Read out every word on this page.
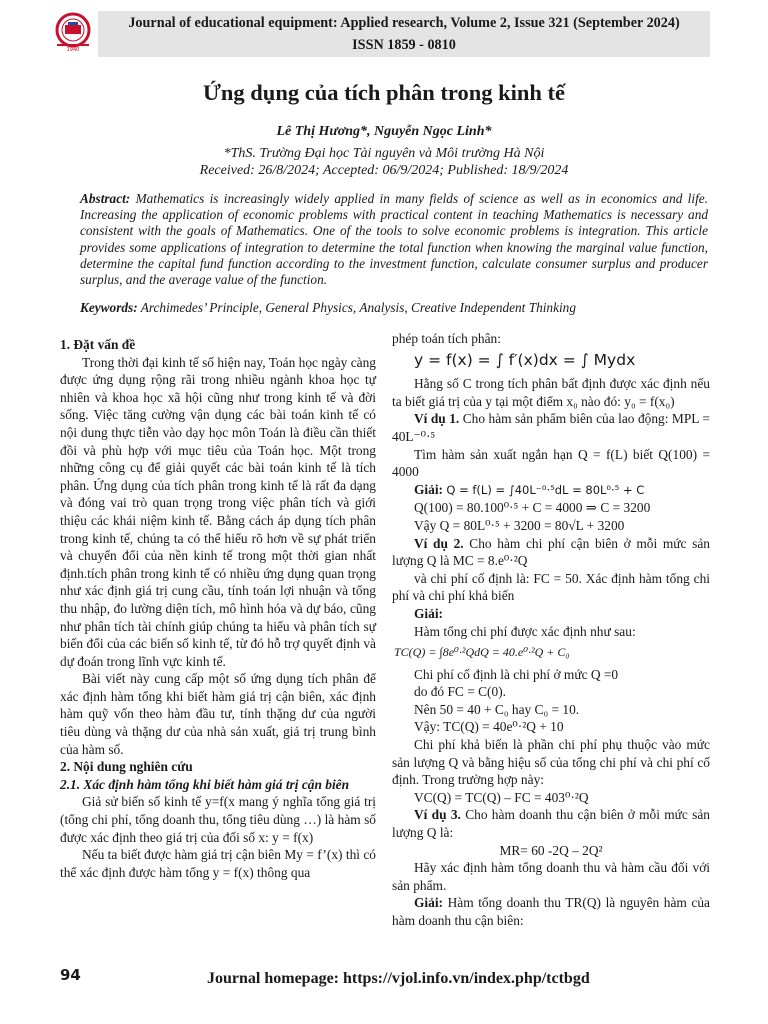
Journal of educational equipment: Applied research, Volume 2, Issue 321 (September 2024)
ISSN 1859 - 0810
1940
Ứng dụng của tích phân trong kinh tế
Lê Thị Hương*, Nguyễn Ngọc Linh*
*ThS. Trường Đại học Tài nguyên và Môi trường Hà Nội
Received: 26/8/2024; Accepted: 06/9/2024; Published: 18/9/2024
Abstract: Mathematics is increasingly widely applied in many fields of science as well as in economics and life. Increasing the application of economic problems with practical content in teaching Mathematics is necessary and consistent with the goals of Mathematics. One of the tools to solve economic problems is integration. This article provides some applications of integration to determine the total function when knowing the marginal value function, determine the capital fund function according to the investment function, calculate consumer surplus and producer surplus, and the average value of the function.
Keywords: Archimedes’ Principle, General Physics, Analysis, Creative Independent Thinking

1. Đặt vấn đề

Trong thời đại kinh tế số hiện nay, Toán học ngày càng được ứng dụng rộng rãi trong nhiều ngành khoa học tự nhiên và khoa học xã hội cũng như trong kinh tế và đời sống. Việc tăng cường vận dụng các bài toán kinh tế có nội dung thực tiễn vào dạy học môn Toán là điều cần thiết đồi và phù hợp với mục tiêu của Toán học. Một trong những công cụ để giải quyết các bài toán kinh tế là tích phân. Ứng dụng của tích phân trong kinh tế là rất đa dạng và đóng vai trò quan trọng trong việc phân tích và giới thiệu các khái niệm kinh tế. Bằng cách áp dụng tích phân trong kinh tế, chúng ta có thể hiểu rõ hơn về sự phát triển và chuyển đổi của nền kinh tế trong một thời gian nhất định.tích phân trong kinh tế có nhiều ứng dụng quan trọng như xác định giá trị cung cầu, tính toán lợi nhuận và tổng thu nhập, đo lường diện tích, mô hình hóa và dự báo, cũng như phân tích tài chính giúp chúng ta hiểu và phân tích sự biến đổi của các biến số kinh tế, từ đó hỗ trợ quyết định và dự đoán trong lĩnh vực kinh tế.

Bài viết này cung cấp một số ứng dụng tích phân để xác định hàm tổng khi biết hàm giá trị cận biên, xác định hàm quỹ vốn theo hàm đầu tư, tính thặng dư của người tiêu dùng và thặng dư của nhà sản xuất, giá trị trung bình của hàm số.

2. Nội dung nghiên cứu

2.1. Xác định hàm tổng khi biết hàm giá trị cận biên

Giả sử biến số kinh tế y=f(x mang ý nghĩa tổng giá trị (tổng chi phí, tổng doanh thu, tổng tiêu dùng …) là hàm số được xác định theo giá trị của đối số x: y = f(x)

Nếu ta biết được hàm giá trị cận biên My = f’(x) thì có thể xác định được hàm tổng y = f(x) thông qua

phép toán tích phân:

y = f(x) = ∫ f′(x)dx = ∫ Mydx

Hằng số C trong tích phân bất định được xác định nếu ta biết giá trị của y tại một điểm x₀ nào đó: y₀ = f(x₀)

Ví dụ 1. Cho hàm sản phẩm biên của lao động: MPL = 40L⁻⁰·⁵

Tìm hàm sản xuất ngắn hạn Q = f(L) biết Q(100) = 4000

Giải: Q = f(L) = ∫40L⁻⁰·⁵dL = 80L⁰·⁵ + C

Q(100) = 80.100⁰·⁵ + C = 4000 ⇒ C = 3200

Vậy Q = 80L⁰·⁵ + 3200 = 80√L + 3200

Ví dụ 2. Cho hàm chi phí cận biên ở mỗi mức sản lượng Q là MC = 8.e⁰·²Q

và chi phí cố định là: FC = 50. Xác định hàm tổng chi phí và chi phí khả biến

Giải:

Hàm tổng chi phí được xác định như sau:

TC(Q) = ∫8e⁰·²QdQ = 40.e⁰·²Q + C₀

Chi phí cố định là chi phí ở mức Q =0

do đó FC = C(0).

Nên 50 = 40 + C₀ hay C₀ = 10.

Vậy: TC(Q) = 40e⁰·²Q + 10

Chi phí khả biến là phần chi phí phụ thuộc vào mức sản lượng Q và bằng hiệu số của tổng chi phí và chi phí cố định. Trong trường hợp này:

VC(Q) = TC(Q) – FC = 403⁰·²Q

Ví dụ 3. Cho hàm doanh thu cận biên ở mỗi mức sản lượng Q là:

MR= 60 -2Q – 2Q²

Hãy xác định hàm tổng doanh thu và hàm cầu đối với sản phẩm.

Giải: Hàm tổng doanh thu TR(Q) là nguyên hàm của hàm doanh thu cận biên:

94	Journal homepage: https://vjol.info.vn/index.php/tctbgd
